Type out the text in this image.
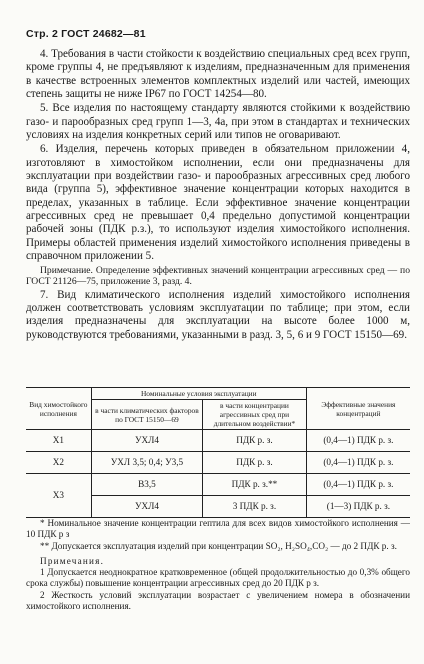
Стр. 2 ГОСТ 24682—81

4. Требования в части стойкости к воздействию специальных сред всех групп, кроме группы 4, не предъявляют к изделиям, предназначенным для применения в качестве встроенных элементов комплектных изделий или частей, имеющих степень защиты не ниже IP67 по ГОСТ 14254—80.

5. Все изделия по настоящему стандарту являются стойкими к воздействию газо- и парообразных сред групп 1—3, 4а, при этом в стандартах и технических условиях на изделия конкретных серий или типов не оговаривают.

6. Изделия, перечень которых приведен в обязательном приложении 4, изготовляют в химостойком исполнении, если они предназначены для эксплуатации при воздействии газо- и парообразных агрессивных сред любого вида (группа 5), эффективное значение концентрации которых находится в пределах, указанных в таблице. Если эффективное значение концентрации агрессивных сред не превышает 0,4 предельно допустимой концентрации рабочей зоны (ПДК р.з.), то используют изделия химостойкого исполнения. Примеры областей применения изделий химостойкого исполнения приведены в справочном приложении 5.

Примечание. Определение эффективных значений концентрации агрессивных сред — по ГОСТ 21126—75, приложение 3, разд. 4.

7. Вид климатического исполнения изделий химостойкого исполнения должен соответствовать условиям эксплуатации по таблице; при этом, если изделия предназначены для эксплуатации на высоте более 1000 м, руководствуются требованиями, указанными в разд. 3, 5, 6 и 9 ГОСТ 15150—69.

Вид химостойкого исполнения	Номинальные условия эксплуатации		Эффективные значения концентраций
	в части климатических факторов по ГОСТ 15150—69	в части концентрации агрессивных сред при длительном воздействии*	
Х1	УХЛ4	ПДК р. з.	(0,4—1) ПДК р. з.
Х2	УХЛ 3,5; 0,4; У3,5	ПДК р. з.	(0,4—1) ПДК р. з.
Х3	В3,5	ПДК р. з.**	(0,4—1) ПДК р. з.
	УХЛ4	3 ПДК р. з.	(1—3) ПДК р. з.

* Номинальное значение концентрации гептила для всех видов химостойкого исполнения — 10 ПДК р з

** Допускается эксплуатация изделий при концентрации SO₂, H₂SO₄,CO₂ — до 2 ПДК р. з.

Примечания.

1 Допускается неоднократное кратковременное (общей продолжительностью до 0,3% общего срока службы) повышение концентрации агрессивных сред до 20 ПДК р з.

2 Жесткость условий эксплуатации возрастает с увеличением номера в обозначении химостойкого исполнения.
